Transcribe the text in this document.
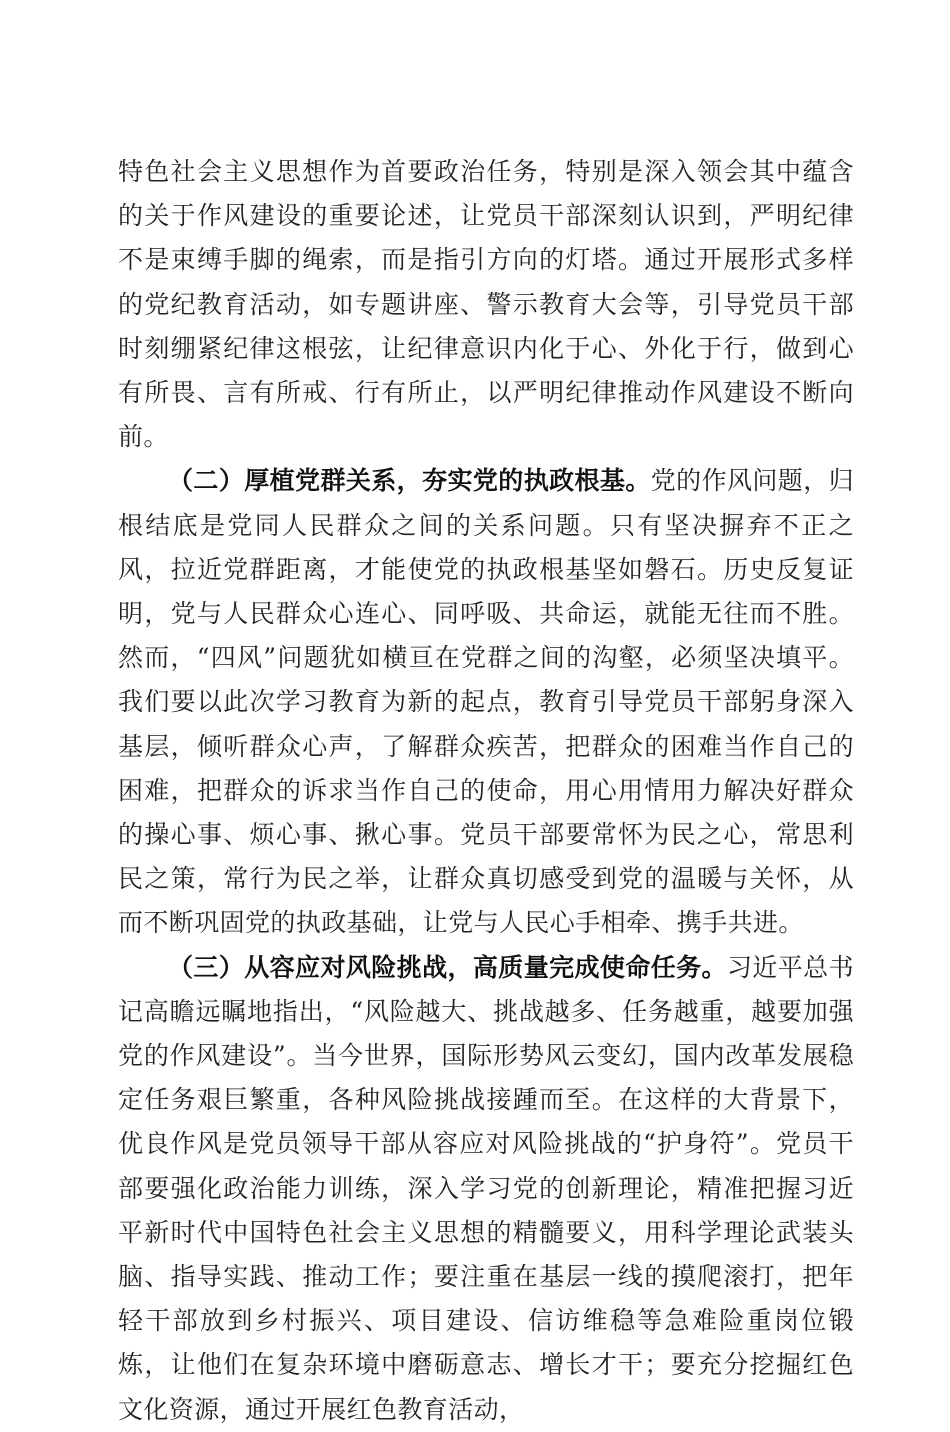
特色社会主义思想作为首要政治任务，特别是深入领会其中蕴含的关于作风建设的重要论述，让党员干部深刻认识到，严明纪律不是束缚手脚的绳索，而是指引方向的灯塔。通过开展形式多样的党纪教育活动，如专题讲座、警示教育大会等，引导党员干部时刻绷紧纪律这根弦，让纪律意识内化于心、外化于行，做到心有所畏、言有所戒、行有所止，以严明纪律推动作风建设不断向前。

（二）厚植党群关系，夯实党的执政根基。党的作风问题，归根结底是党同人民群众之间的关系问题。只有坚决摒弃不正之风，拉近党群距离，才能使党的执政根基坚如磐石。历史反复证明，党与人民群众心连心、同呼吸、共命运，就能无往而不胜。然而，“四风”问题犹如横亘在党群之间的沟壑，必须坚决填平。我们要以此次学习教育为新的起点，教育引导党员干部躬身深入基层，倾听群众心声，了解群众疾苦，把群众的困难当作自己的困难，把群众的诉求当作自己的使命，用心用情用力解决好群众的操心事、烦心事、揪心事。党员干部要常怀为民之心，常思利民之策，常行为民之举，让群众真切感受到党的温暖与关怀，从而不断巩固党的执政基础，让党与人民心手相牵、携手共进。

（三）从容应对风险挑战，高质量完成使命任务。习近平总书记高瞻远瞩地指出，“风险越大、挑战越多、任务越重，越要加强党的作风建设”。当今世界，国际形势风云变幻，国内改革发展稳定任务艰巨繁重，各种风险挑战接踵而至。在这样的大背景下，优良作风是党员领导干部从容应对风险挑战的“护身符”。党员干部要强化政治能力训练，深入学习党的创新理论，精准把握习近平新时代中国特色社会主义思想的精髓要义，用科学理论武装头脑、指导实践、推动工作；要注重在基层一线的摸爬滚打，把年轻干部放到乡村振兴、项目建设、信访维稳等急难险重岗位锻炼，让他们在复杂环境中磨砺意志、增长才干；要充分挖掘红色文化资源，通过开展红色教育活动，
